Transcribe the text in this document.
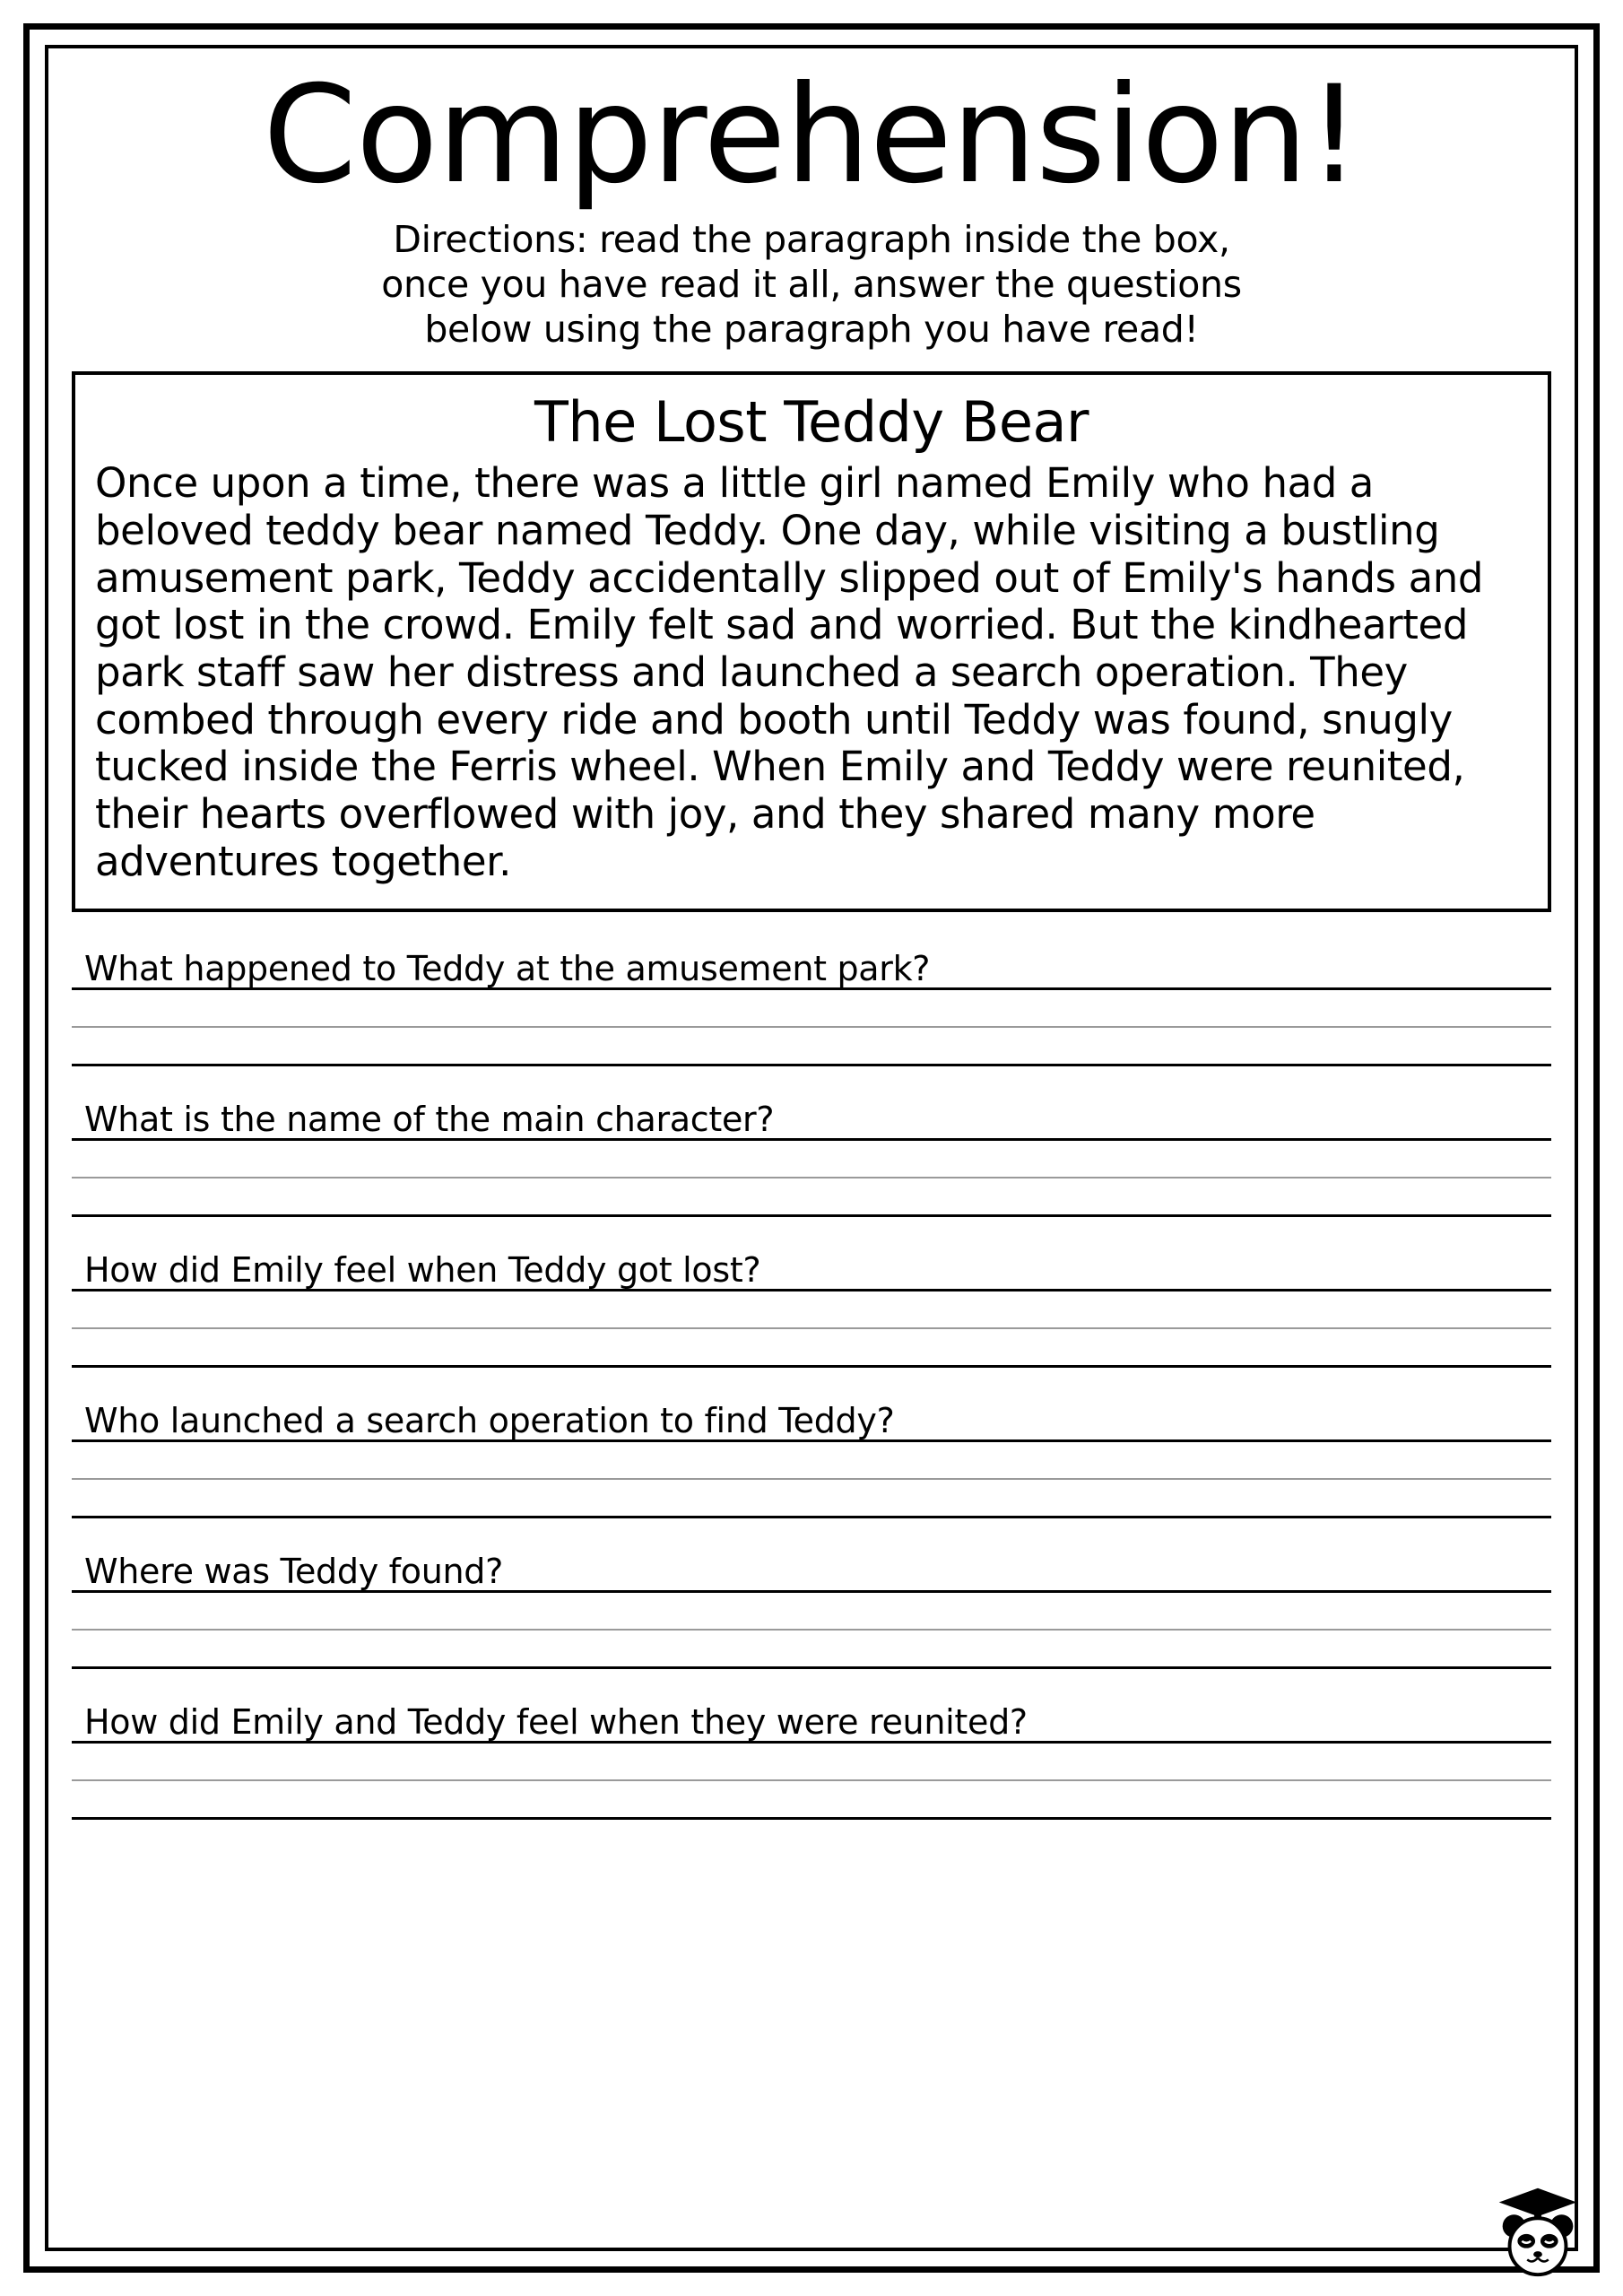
Comprehension!
Directions: read the paragraph inside the box,
once you have read it all, answer the questions
below using the paragraph you have read!
The Lost Teddy Bear
Once upon a time, there was a little girl named Emily who had a beloved teddy bear named Teddy. One day, while visiting a bustling amusement park, Teddy accidentally slipped out of Emily's hands and got lost in the crowd. Emily felt sad and worried. But the kindhearted park staff saw her distress and launched a search operation. They combed through every ride and booth until Teddy was found, snugly tucked inside the Ferris wheel. When Emily and Teddy were reunited, their hearts overflowed with joy, and they shared many more adventures together.
What happened to Teddy at the amusement park?
What is the name of the main character?
How did Emily feel when Teddy got lost?
Who launched a search operation to find Teddy?
Where was Teddy found?
How did Emily and Teddy feel when they were reunited?
